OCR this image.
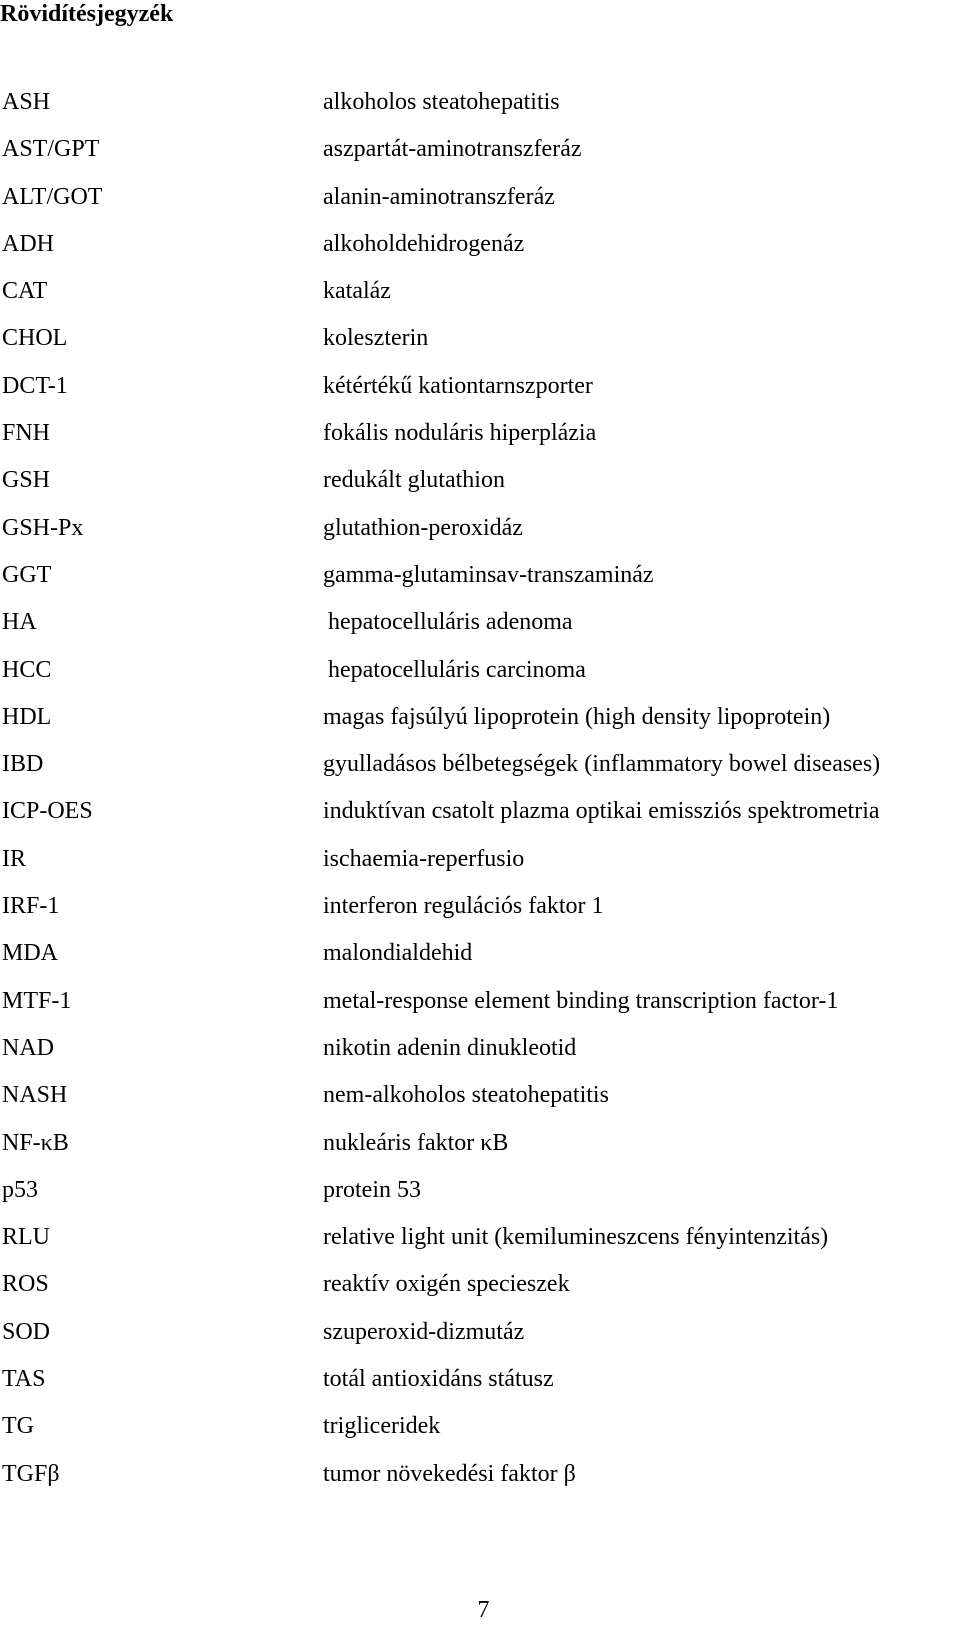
Rövidítésjegyzék
ASH	alkoholos steatohepatitis
AST/GPT	aszpartát-aminotranszferáz
ALT/GOT	alanin-aminotranszferáz
ADH	alkoholdehidrogenáz
CAT	kataláz
CHOL	koleszterin
DCT-1	kétértékű kationtarnszporter
FNH	fokális noduláris hiperplázia
GSH	redukált glutathion
GSH-Px	glutathion-peroxidáz
GGT	gamma-glutaminsav-transzamináz
HA	hepatocelluláris adenoma
HCC	hepatocelluláris carcinoma
HDL	magas fajsúlyú lipoprotein (high density lipoprotein)
IBD	gyulladásos bélbetegségek (inflammatory bowel diseases)
ICP-OES	induktívan csatolt plazma optikai emissziós spektrometria
IR	ischaemia-reperfusio
IRF-1	interferon regulációs faktor 1
MDA	malondialdehid
MTF-1	metal-response element binding transcription factor-1
NAD	nikotin adenin dinukleotid
NASH	nem-alkoholos steatohepatitis
NF-κB	nukleáris faktor κB
p53	protein 53
RLU	relative light unit (kemilumineszcens fényintenzitás)
ROS	reaktív oxigén specieszek
SOD	szuperoxid-dizmutáz
TAS	totál antioxidáns státusz
TG	trigliceridek
TGFβ	tumor növekedési faktor β
7
